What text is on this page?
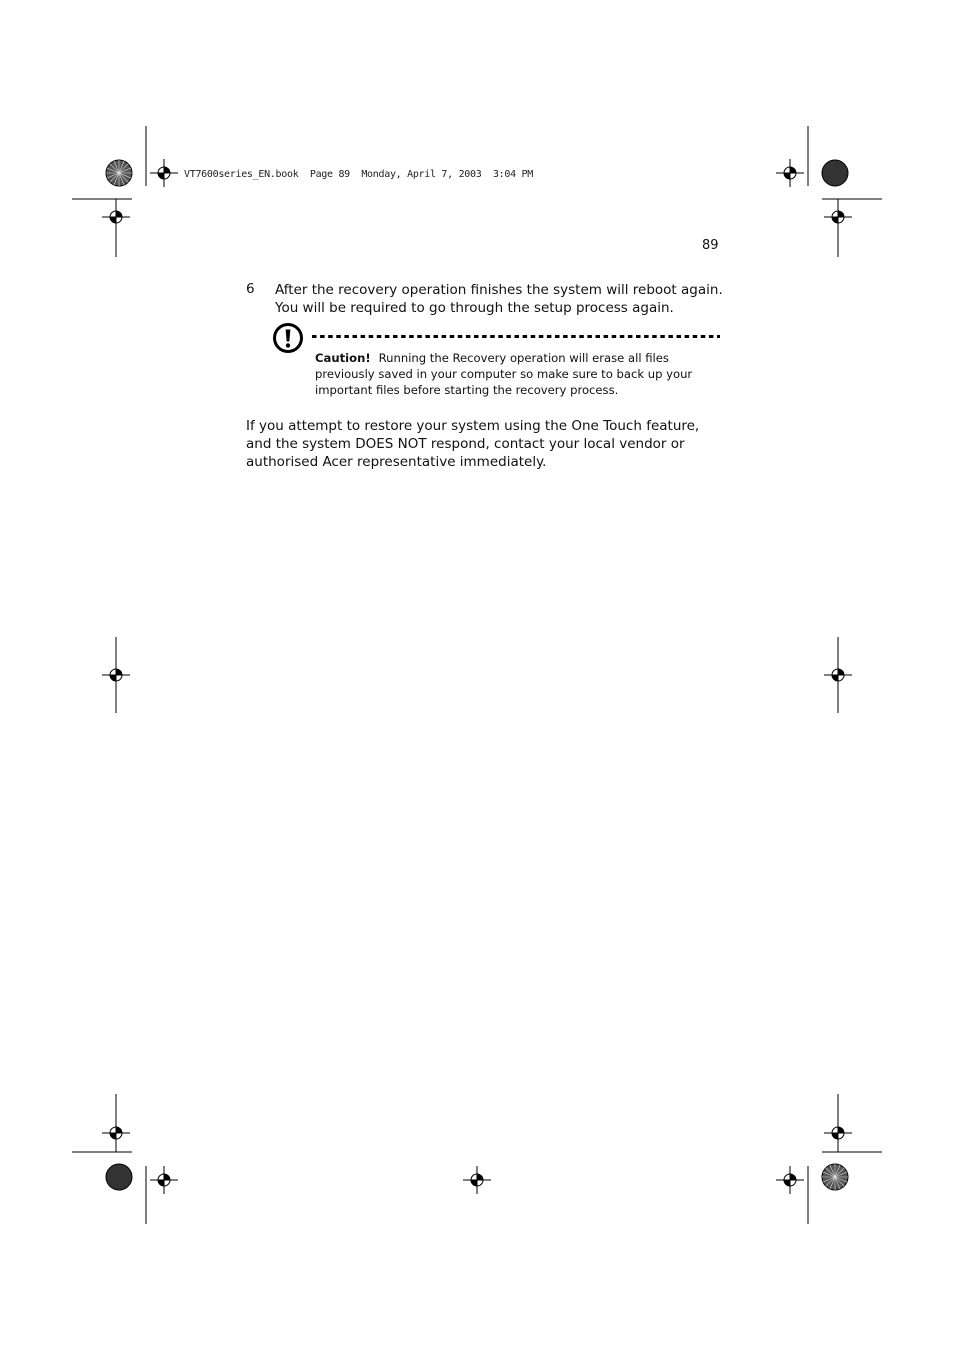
VT7600series_EN.book  Page 89  Monday, April 7, 2003  3:04 PM
89
6 After the recovery operation finishes the system will reboot again. You will be required to go through the setup process again.
Caution! Running the Recovery operation will erase all files previously saved in your computer so make sure to back up your important files before starting the recovery process.
If you attempt to restore your system using the One Touch feature, and the system DOES NOT respond, contact your local vendor or authorised Acer representative immediately.
